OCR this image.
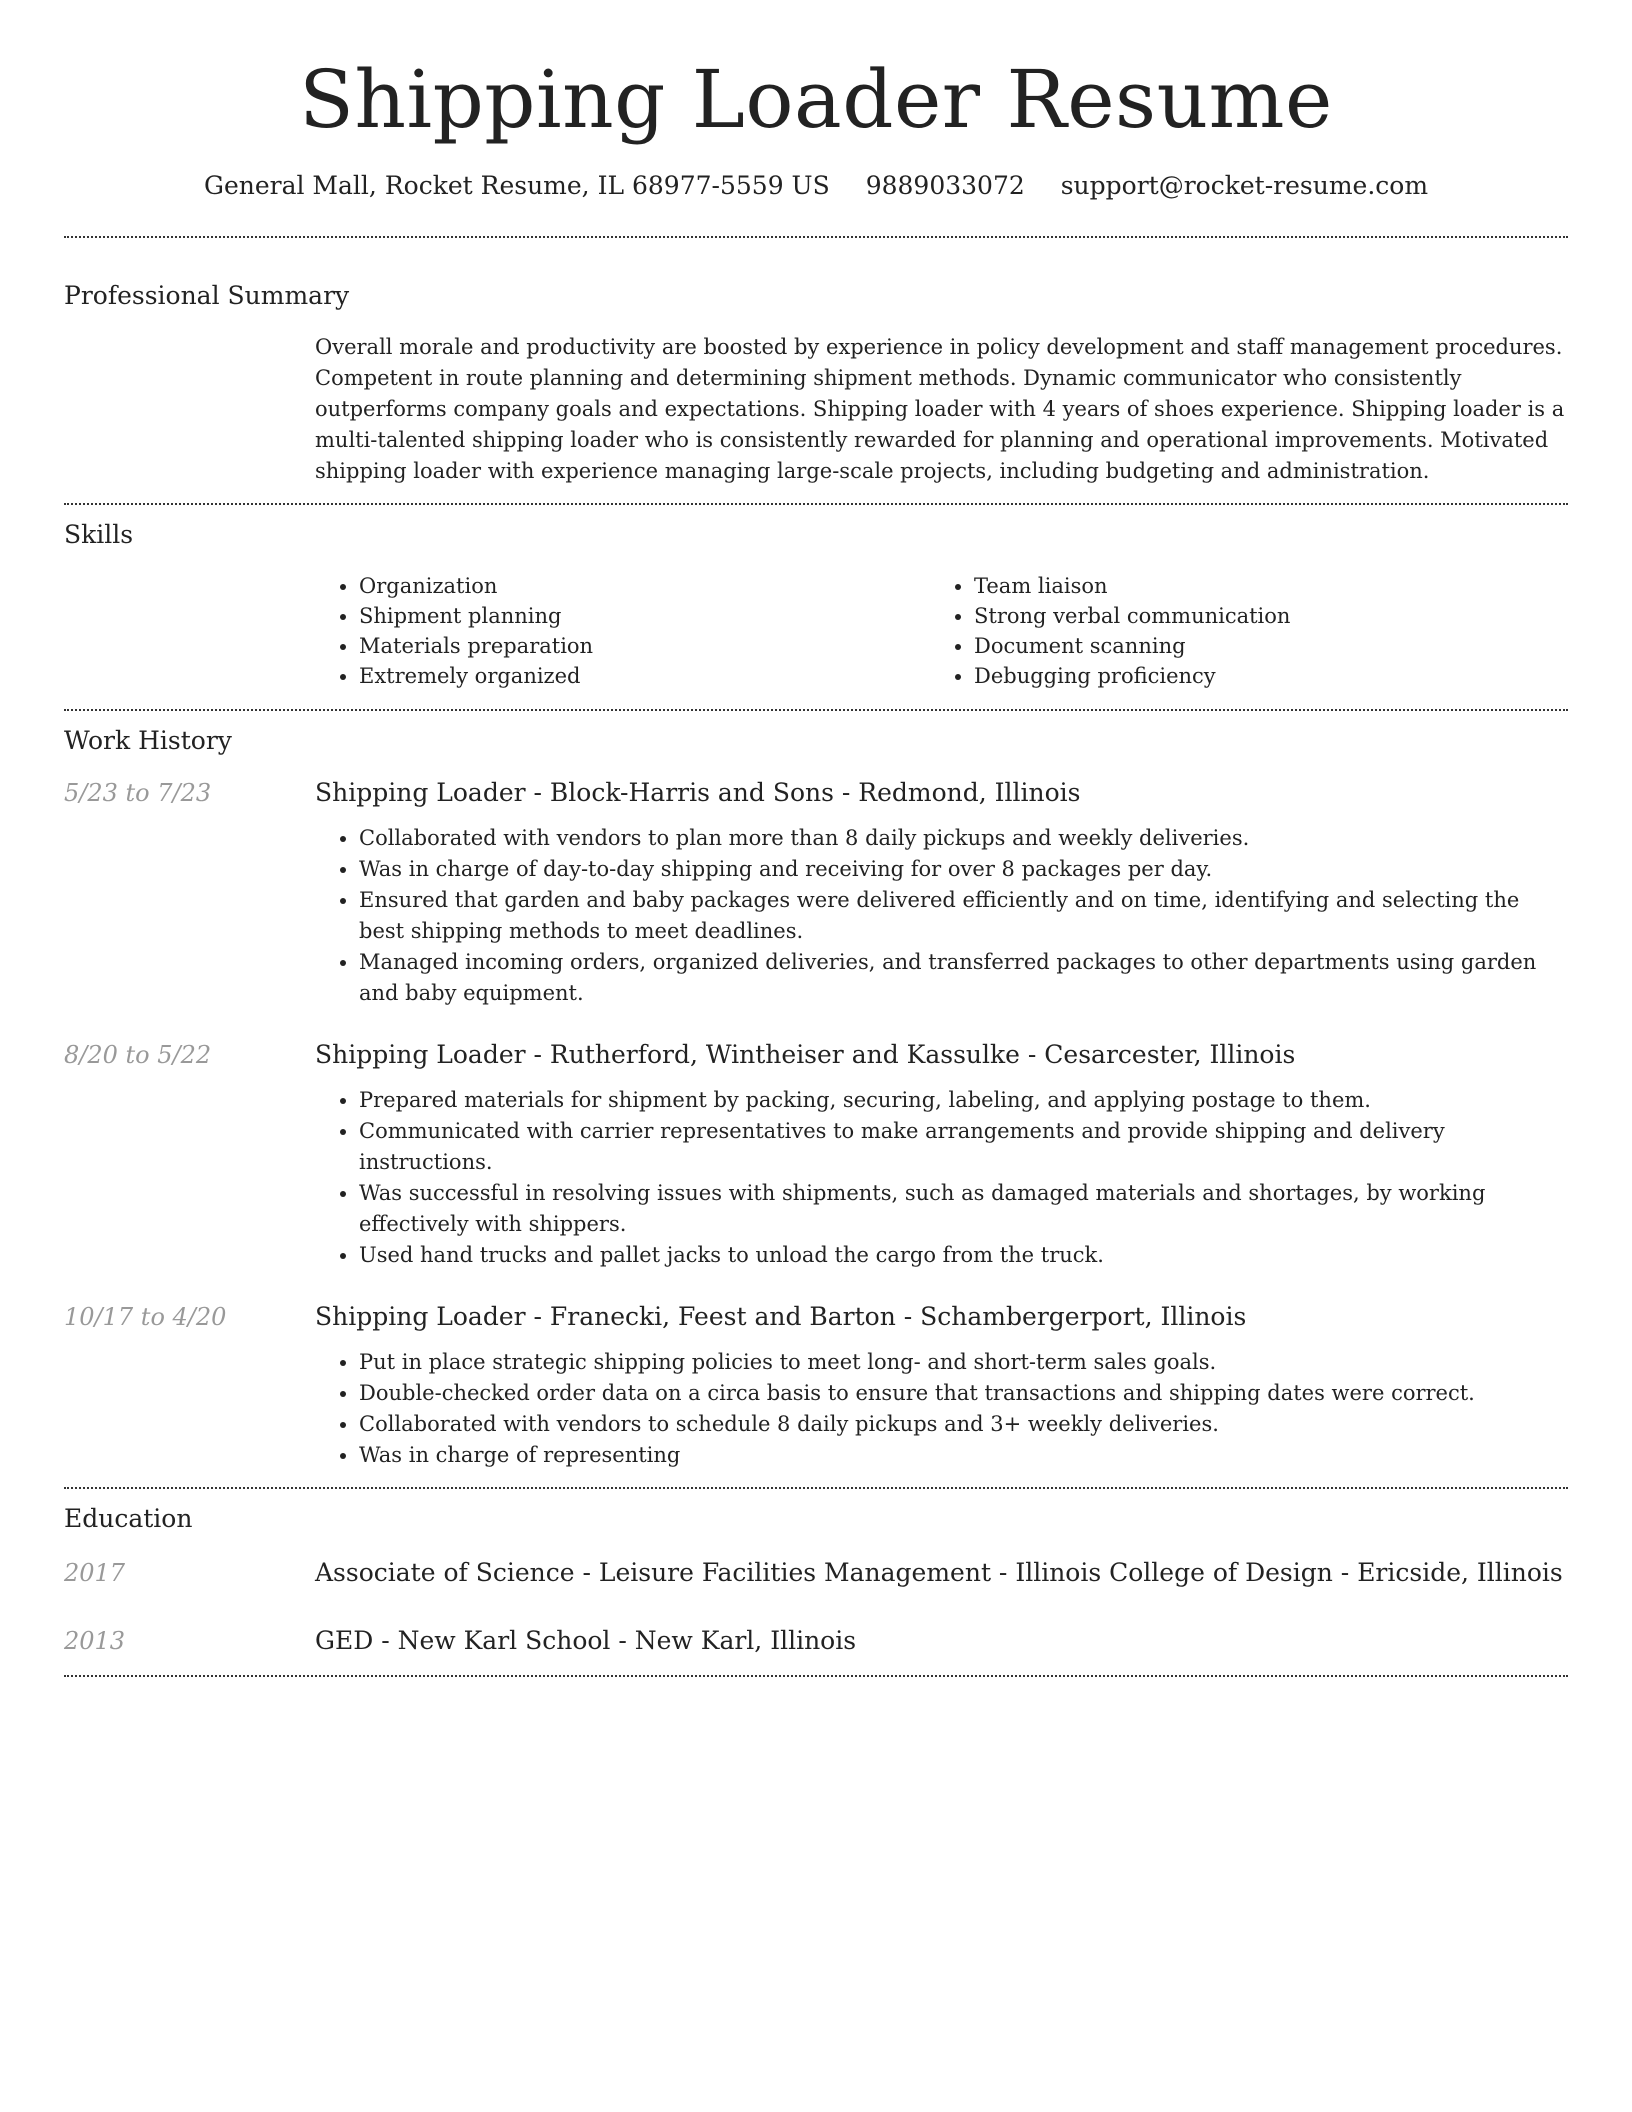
Shipping Loader Resume
General Mall, Rocket Resume, IL 68977-5559 US 9889033072 support@rocket-resume.com
Professional Summary

Overall morale and productivity are boosted by experience in policy development and staff management procedures. Competent in route planning and determining shipment methods. Dynamic communicator who consistently outperforms company goals and expectations. Shipping loader with 4 years of shoes experience. Shipping loader is a multi-talented shipping loader who is consistently rewarded for planning and operational improvements. Motivated shipping loader with experience managing large-scale projects, including budgeting and administration.

Skills
• Organization
• Shipment planning
• Materials preparation
• Extremely organized
• Team liaison
• Strong verbal communication
• Document scanning
• Debugging proficiency
Work History
5/23 to 7/23	Shipping Loader - Block-Harris and Sons - Redmond, Illinois
• Collaborated with vendors to plan more than 8 daily pickups and weekly deliveries.
• Was in charge of day-to-day shipping and receiving for over 8 packages per day.
• Ensured that garden and baby packages were delivered efficiently and on time, identifying and selecting the best shipping methods to meet deadlines.
• Managed incoming orders, organized deliveries, and transferred packages to other departments using garden and baby equipment.
8/20 to 5/22	Shipping Loader - Rutherford, Wintheiser and Kassulke - Cesarcester, Illinois
• Prepared materials for shipment by packing, securing, labeling, and applying postage to them.
• Communicated with carrier representatives to make arrangements and provide shipping and delivery instructions.
• Was successful in resolving issues with shipments, such as damaged materials and shortages, by working effectively with shippers.
• Used hand trucks and pallet jacks to unload the cargo from the truck.
10/17 to 4/20	Shipping Loader - Franecki, Feest and Barton - Schambergerport, Illinois
• Put in place strategic shipping policies to meet long- and short-term sales goals.
• Double-checked order data on a circa basis to ensure that transactions and shipping dates were correct.
• Collaborated with vendors to schedule 8 daily pickups and 3+ weekly deliveries.
• Was in charge of representing
Education
2017	Associate of Science - Leisure Facilities Management - Illinois College of Design - Ericside, Illinois
2013	GED - New Karl School - New Karl, Illinois
